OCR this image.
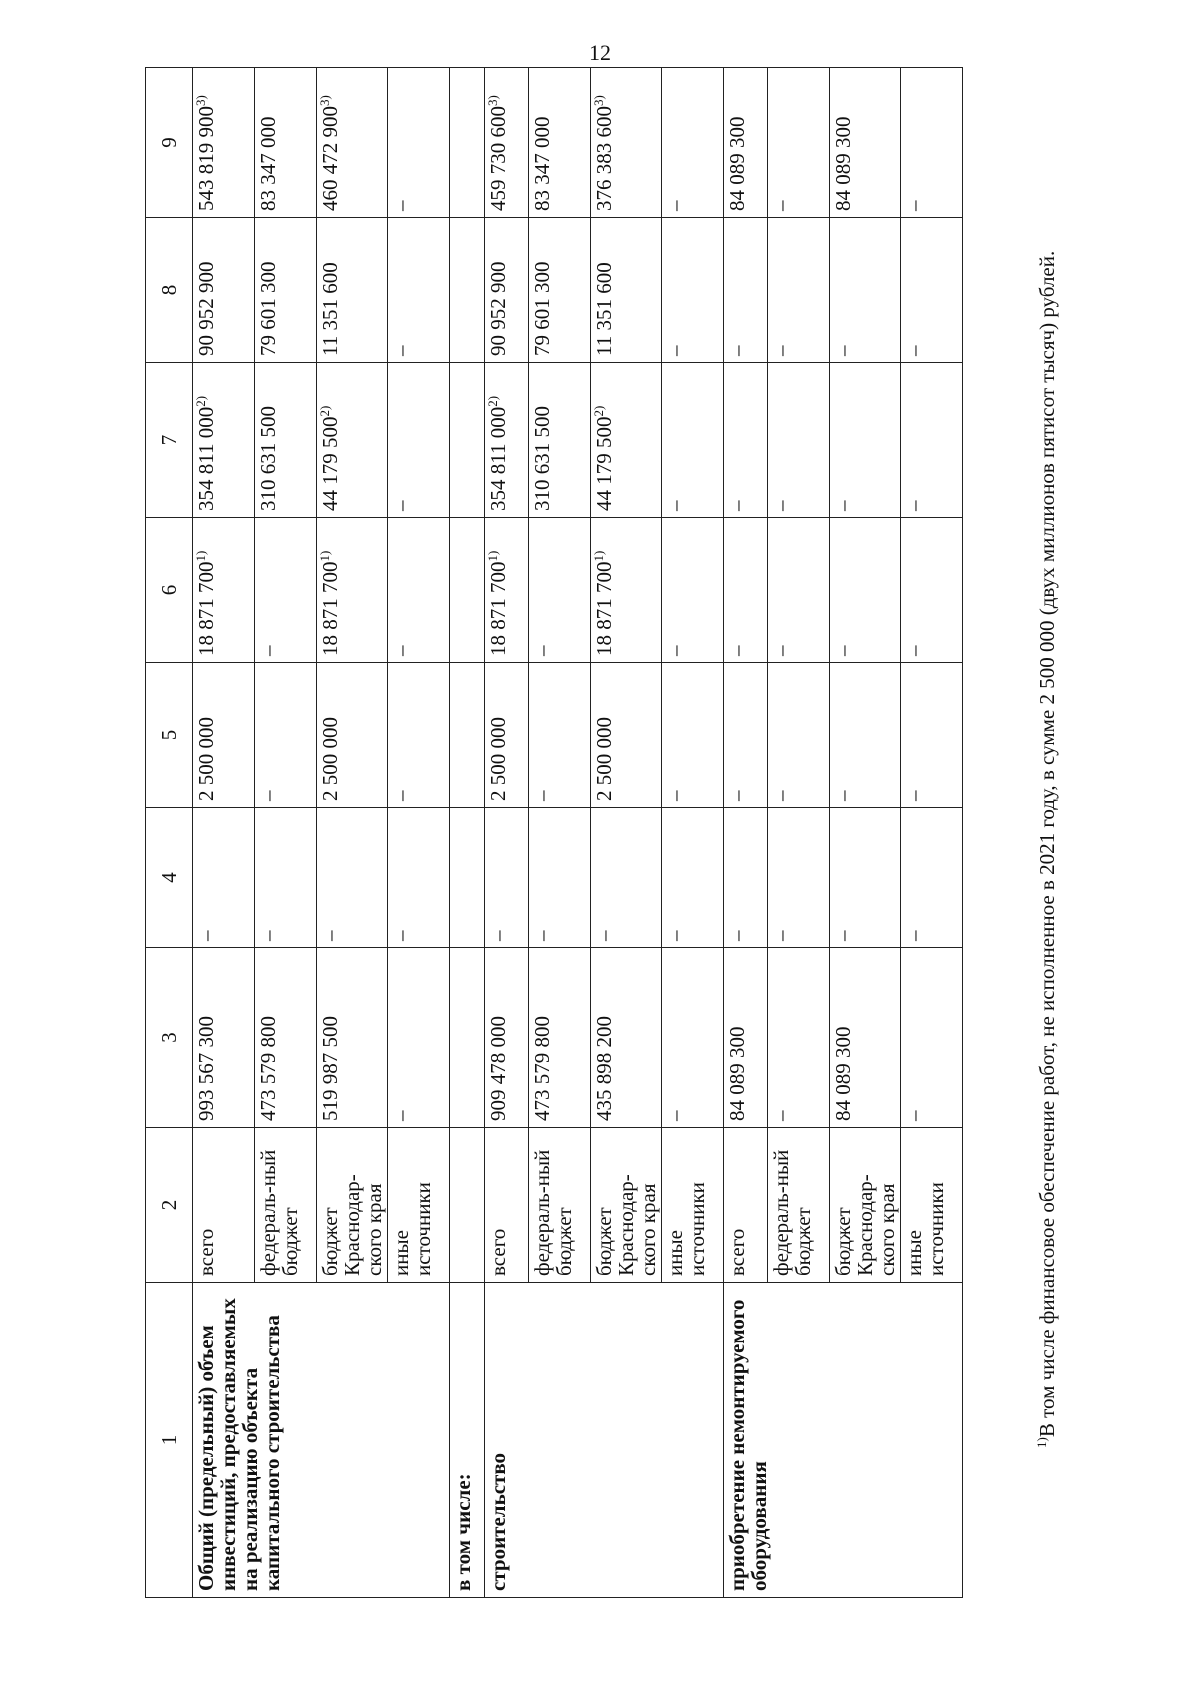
12
1	2	3	4	5	6	7	8	9
Общий (предельный) объем инвестиций, предоставляемых на реализацию объекта капитального строительства	всего	993 567 300	–	2 500 000	18 871 700$^{1)}$	354 811 000$^{2)}$	90 952 900	543 819 900$^{3)}$
	федераль-ный бюджет	473 579 800	–	–	–	310 631 500	79 601 300	83 347 000
	бюджет Краснодар-ского края	519 987 500	–	2 500 000	18 871 700$^{1)}$	44 179 500$^{2)}$	11 351 600	460 472 900$^{3)}$
	иные источники	–	–	–	–	–	–	–
в том числе:								
строительство	всего	909 478 000	–	2 500 000	18 871 700$^{1)}$	354 811 000$^{2)}$	90 952 900	459 730 600$^{3)}$
	федераль-ный бюджет	473 579 800	–	–	–	310 631 500	79 601 300	83 347 000
	бюджет Краснодар-ского края	435 898 200	–	2 500 000	18 871 700$^{1)}$	44 179 500$^{2)}$	11 351 600	376 383 600$^{3)}$
	иные источники	–	–	–	–	–	–	–
приобретение немонтируемого оборудования	всего	84 089 300	–	–	–	–	–	84 089 300
	федераль-ный бюджет	–	–	–	–	–	–	–
	бюджет Краснодар-ского края	84 089 300	–	–	–	–	–	84 089 300
	иные источники	–	–	–	–	–	–	–
$^{1)}$В том числе финансовое обеспечение работ, не исполненное в 2021 году, в сумме 2 500 000 (двух миллионов пятисот тысяч) рублей.
